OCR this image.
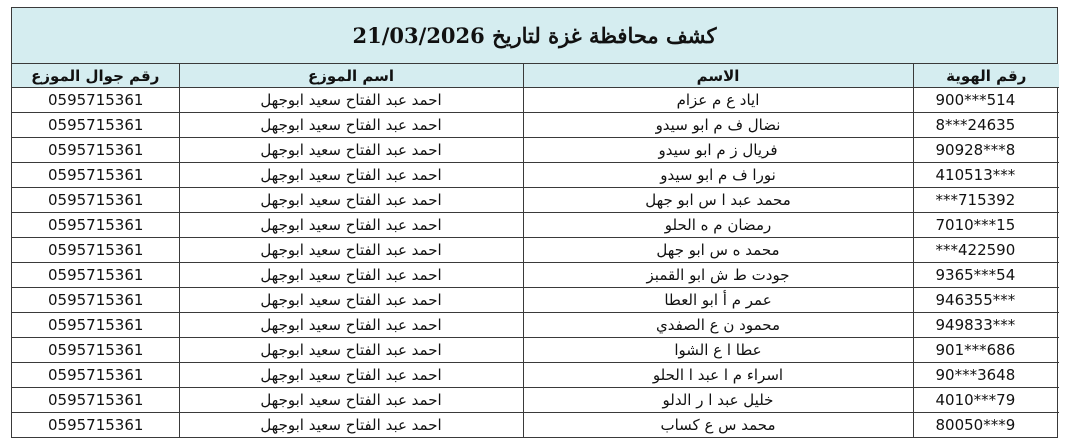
كشف محافظة غزة لتاريخ 21/03/2026
رقم الهوية	الاسم	اسم الموزع	رقم جوال الموزع
900***514	اياد ع م عزام	احمد عبد الفتاح سعيد ابوجهل	0595715361
8***24635	نضال ف م ابو سيدو	احمد عبد الفتاح سعيد ابوجهل	0595715361
90928***8	فريال ز م ابو سيدو	احمد عبد الفتاح سعيد ابوجهل	0595715361
410513***	نورا ف م ابو سيدو	احمد عبد الفتاح سعيد ابوجهل	0595715361
***715392	محمد عبد ا س ابو جهل	احمد عبد الفتاح سعيد ابوجهل	0595715361
7010***15	رمضان م ه الحلو	احمد عبد الفتاح سعيد ابوجهل	0595715361
***422590	محمد ه س ابو جهل	احمد عبد الفتاح سعيد ابوجهل	0595715361
9365***54	جودت ط ش ابو القمبز	احمد عبد الفتاح سعيد ابوجهل	0595715361
946355***	عمر م أ ابو العطا	احمد عبد الفتاح سعيد ابوجهل	0595715361
949833***	محمود ن ع الصفدي	احمد عبد الفتاح سعيد ابوجهل	0595715361
901***686	عطا ا ع الشوا	احمد عبد الفتاح سعيد ابوجهل	0595715361
90***3648	اسراء م ا عبد ا الحلو	احمد عبد الفتاح سعيد ابوجهل	0595715361
4010***79	خليل عبد ا ر الدلو	احمد عبد الفتاح سعيد ابوجهل	0595715361
80050***9	محمد س ع كساب	احمد عبد الفتاح سعيد ابوجهل	0595715361
